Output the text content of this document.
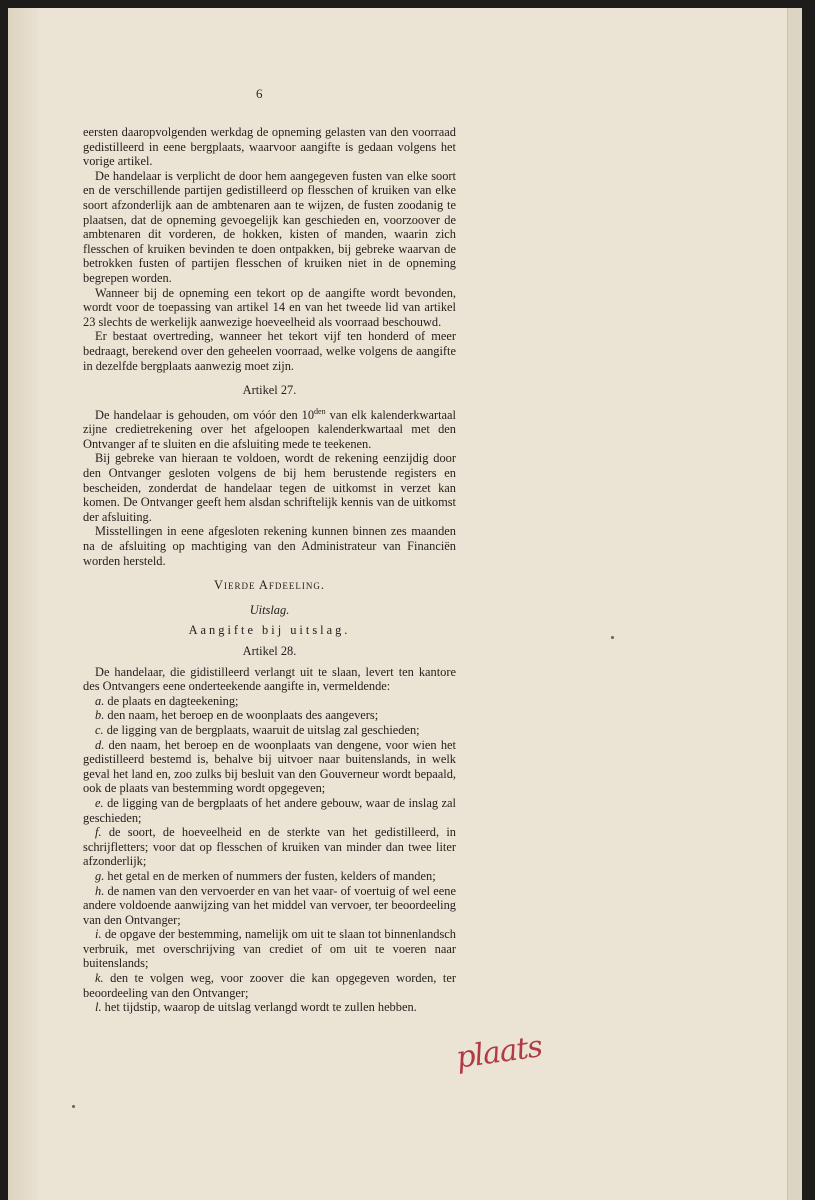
6

eersten daaropvolgenden werkdag de opneming gelasten van den voorraad gedistilleerd in eene bergplaats, waarvoor aangifte is gedaan volgens het vorige artikel.

De handelaar is verplicht de door hem aangegeven fusten van elke soort en de verschillende partijen gedistilleerd op flesschen of kruiken van elke soort afzonderlijk aan de ambtenaren aan te wijzen, de fusten zoodanig te plaatsen, dat de opneming gevoegelijk kan geschieden en, voorzoover de ambtenaren dit vorderen, de hokken, kisten of manden, waarin zich flesschen of kruiken bevinden te doen ontpakken, bij gebreke waarvan de betrokken fusten of partijen flesschen of kruiken niet in de opneming begrepen worden.

Wanneer bij de opneming een tekort op de aangifte wordt bevonden, wordt voor de toepassing van artikel 14 en van het tweede lid van artikel 23 slechts de werkelijk aanwezige hoeveelheid als voorraad beschouwd.

Er bestaat overtreding, wanneer het tekort vijf ten honderd of meer bedraagt, berekend over den geheelen voorraad, welke volgens de aangifte in dezelfde bergplaats aanwezig moet zijn.

Artikel 27.

De handelaar is gehouden, om vóór den $10^{den}$ van elk kalenderkwartaal zijne credietrekening over het afgeloopen kalenderkwartaal met den Ontvanger af te sluiten en die afsluiting mede te teekenen.

Bij gebreke van hieraan te voldoen, wordt de rekening eenzijdig door den Ontvanger gesloten volgens de bij hem berustende registers en bescheiden, zonderdat de handelaar tegen de uitkomst in verzet kan komen. De Ontvanger geeft hem alsdan schriftelijk kennis van de uitkomst der afsluiting.

Misstellingen in eene afgesloten rekening kunnen binnen zes maanden na de afsluiting op machtiging van den Administrateur van Financiën worden hersteld.

Vierde Afdeeling.

Uitslag.

Aangifte bij uitslag.

Artikel 28.

De handelaar, die gidistilleerd verlangt uit te slaan, levert ten kantore des Ontvangers eene onderteekende aangifte in, vermeldende:

a. de plaats en dagteekening;

b. den naam, het beroep en de woonplaats des aangevers;

c. de ligging van de bergplaats, waaruit de uitslag zal geschieden;

d. den naam, het beroep en de woonplaats van dengene, voor wien het gedistilleerd bestemd is, behalve bij uitvoer naar buitenslands, in welk geval het land en, zoo zulks bij besluit van den Gouverneur wordt bepaald, ook de plaats van bestemming wordt opgegeven;

e. de ligging van de bergplaats of het andere gebouw, waar de inslag zal geschieden;

f. de soort, de hoeveelheid en de sterkte van het gedistilleerd, in schrijfletters; voor dat op flesschen of kruiken van minder dan twee liter afzonderlijk;

g. het getal en de merken of nummers der fusten, kelders of manden;

h. de namen van den vervoerder en van het vaar- of voertuig of wel eene andere voldoende aanwijzing van het middel van vervoer, ter beoordeeling van den Ontvanger;

i. de opgave der bestemming, namelijk om uit te slaan tot binnenlandsch verbruik, met overschrijving van crediet of om uit te voeren naar buitenslands;

k. den te volgen weg, voor zoover die kan opgegeven worden, ter beoordeeling van den Ontvanger;

l. het tijdstip, waarop de uitslag verlangd wordt te zullen hebben.

plaats
